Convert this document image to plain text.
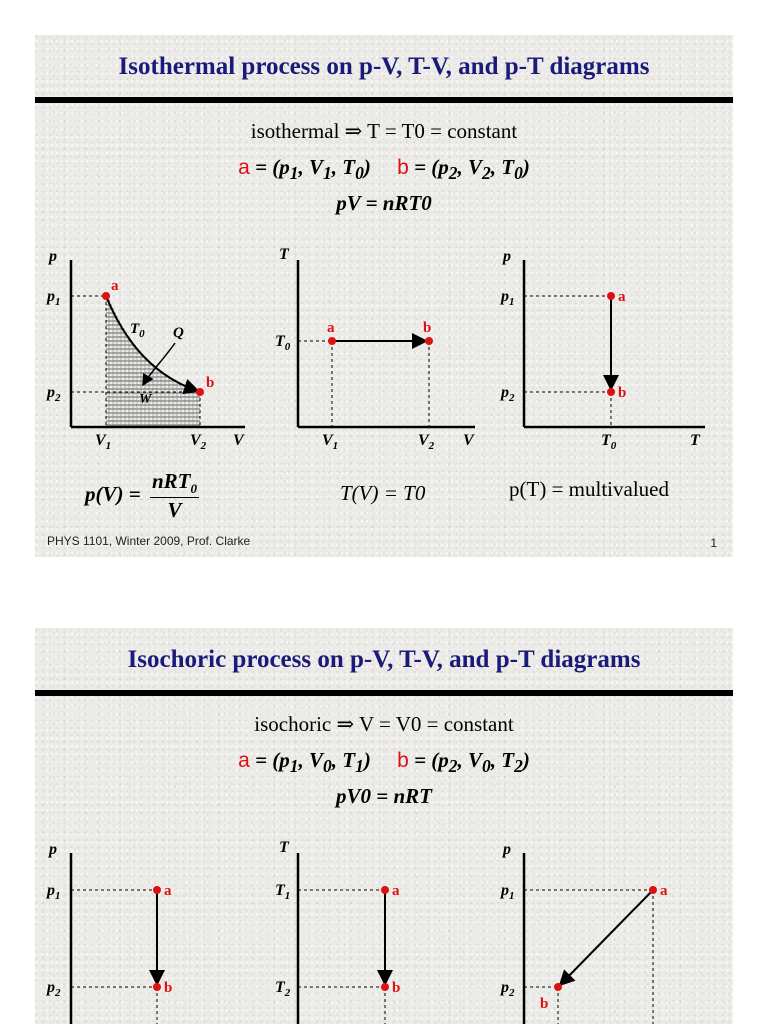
Isothermal process on p-V, T-V, and p-T diagrams
isothermal ⇒ T = T0 = constant
$a = (p_1$, $V_1$, $T_0$) $b = (p_2$, $V_2$, $T_0$)
pV = nRT0
p
$p_1$
$p_2$
$V_1$	$V_2$ V
$T_0$ Q
W
a
b
T
$T_0$
$V_1$	$V_2$ V
a	b
p
$p_1$
$p_2$
$T_0$	T
a
b
$p(V) = \frac{nRT_0}{V}$	T(V) = T0	p(T) = multivalued
PHYS 1101, Winter 2009, Prof. Clarke	1
Isochoric process on p-V, T-V, and p-T diagrams
isochoric ⇒ V = V0 = constant
$a = (p_1$, $V_0$, $T_1$) $b = (p_2$, $V_0$, $T_2$)
pV0 = nRT
p
$p_1$
$p_2$
a
b
T
$T_1$
$T_2$
a
b
p
$p_1$
$p_2$
a
b
